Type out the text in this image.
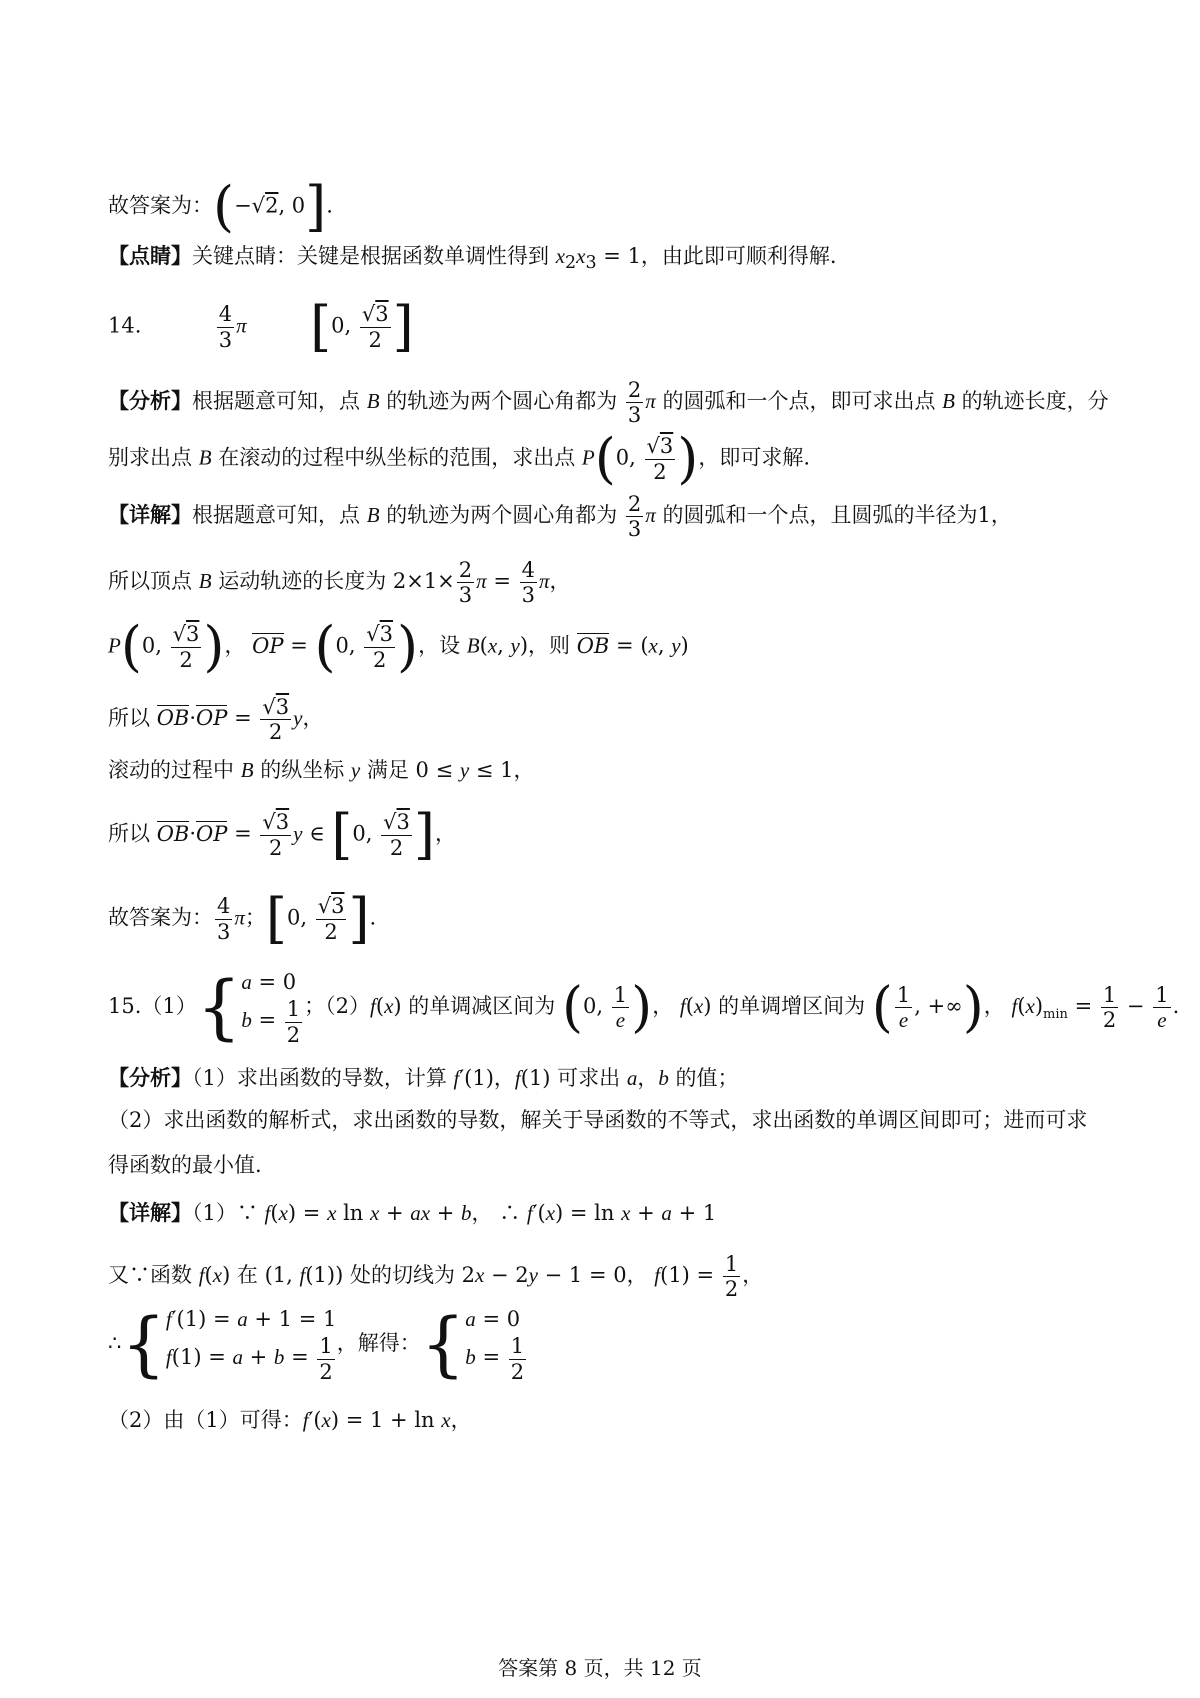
故答案为：(−√2, 0].
【点睛】关键点睛：关键是根据函数单调性得到 $x_2x_3 = 1$，由此即可顺利得解.
14.	$\frac{4}{3}$ π [0, $\frac{√3}{2}$ ]
【分析】根据题意可知，点 B 的轨迹为两个圆心角都为 $\frac{2}{3}$ π 的圆弧和一个点，即可求出点 B 的轨迹长度，分
别求出点 B 在滚动的过程中纵坐标的范围，求出点 P(0, $\frac{√3}{2}$ )，即可求解.
【详解】根据题意可知，点 B 的轨迹为两个圆心角都为 $\frac{2}{3}$ π 的圆弧和一个点，且圆弧的半径为1，
所以顶点 B 运动轨迹的长度为 $2\times 1\times \frac{2}{3}$ $\pi = \frac{4}{3}$ π，
P(0, $\frac{√3}{2}$ )， OP = (0, $\frac{√3}{2}$ )，设 B(x, y)，则 OB = (x, y)
所以 $OB\cdot OP = \frac{√3}{2}$ y，
滚动的过程中 B 的纵坐标 y 满足 0 ≤ y ≤ 1，
所以 $OB\cdot OP = \frac{√3}{2}$ y ∈ [0, $\frac{√3}{2}$ ]，
故答案为： $\frac{4}{3}$ π；[0, $\frac{√3}{2}$ ].
15.（1）{ a = 0
$b = \frac{1}{2}$ ；（2）f(x) 的单调减区间为 (0, $\frac{1}{e}$ )， f(x) 的单调增区间为 ( $\frac{1}{e}$ , +∞)， $f(x)_{min} = \frac{1}{2} - \frac{1}{e}$ .
【分析】（1）求出函数的导数，计算 f′(1)，f(1) 可求出 a，b 的值；
（2）求出函数的解析式，求出函数的导数，解关于导函数的不等式，求出函数的单调区间即可；进而可求
得函数的最小值.
【详解】（1）∵ f(x) = x ln x + ax + b， ∴ f′(x) = ln x + a + 1
又∵函数 f(x) 在 (1, f(1)) 处的切线为 2x − 2y − 1 = 0， $f(1) = \frac{1}{2}$ ，
∴{ f′(1) = a + 1 = 1
$f(1) = a + b = \frac{1}{2}$ ，解得：{ a = 0
$b = \frac{1}{2}$
（2）由（1）可得：f′(x) = 1 + ln x，
答案第 8 页，共 12 页
